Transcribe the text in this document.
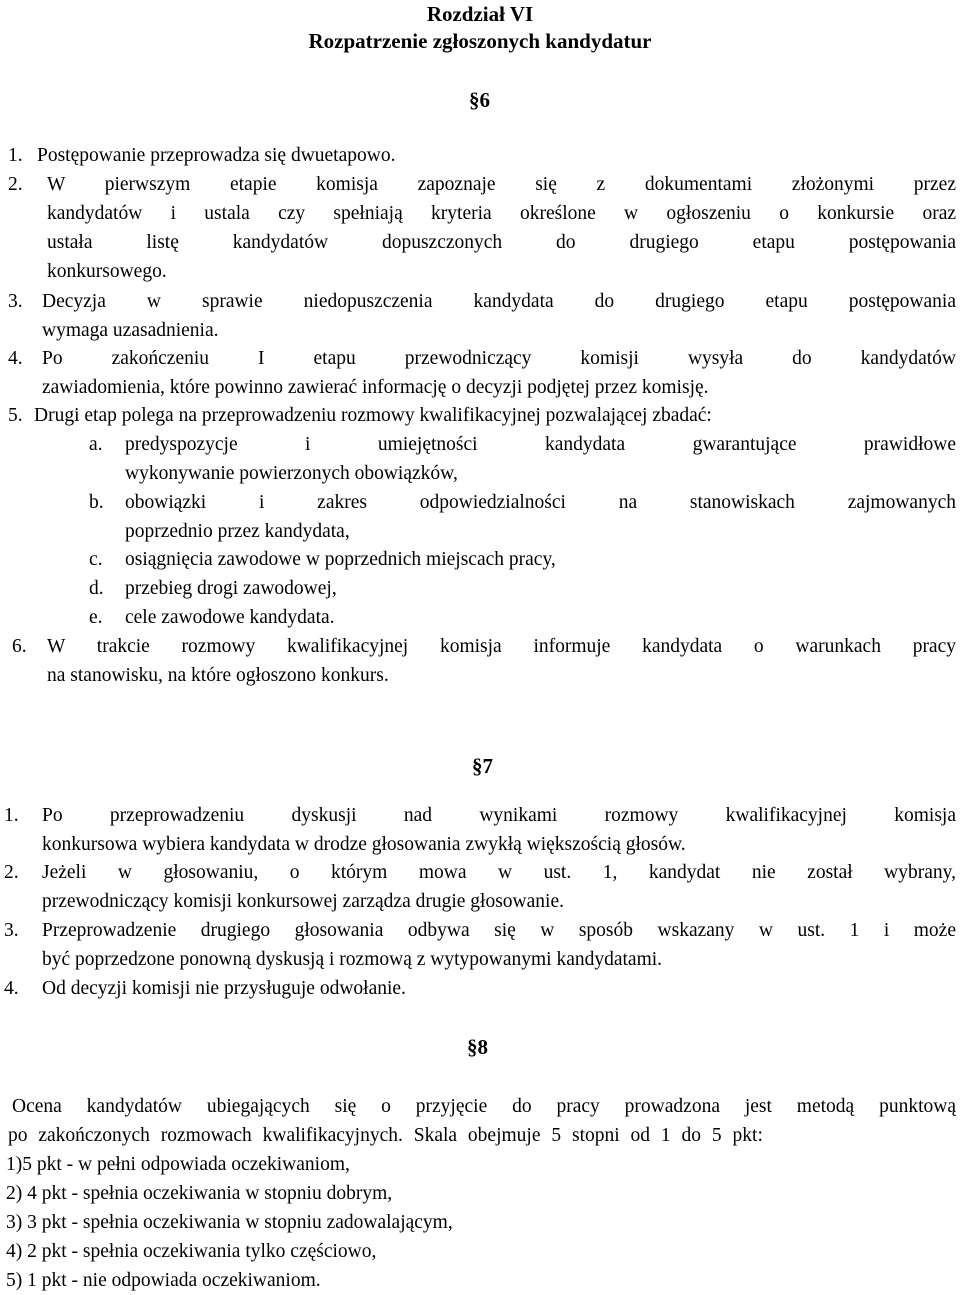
Rozdział VI
Rozpatrzenie zgłoszonych kandydatur
§6
1. Postępowanie przeprowadza się dwuetapowo.
2. W pierwszym etapie komisja zapoznaje się z dokumentami złożonymi przez
kandydatów i ustala czy spełniają kryteria określone w ogłoszeniu o konkursie oraz
ustała listę kandydatów dopuszczonych do drugiego etapu postępowania
konkursowego.
3. Decyzja w sprawie niedopuszczenia kandydata do drugiego etapu postępowania
wymaga uzasadnienia.
4. Po zakończeniu I etapu przewodniczący komisji wysyła do kandydatów
zawiadomienia, które powinno zawierać informację o decyzji podjętej przez komisję.
5. Drugi etap polega na przeprowadzeniu rozmowy kwalifikacyjnej pozwalającej zbadać:
a. predyspozycje i umiejętności kandydata gwarantujące prawidłowe
wykonywanie powierzonych obowiązków,
b. obowiązki i zakres odpowiedzialności na stanowiskach zajmowanych
poprzednio przez kandydata,
c. osiągnięcia zawodowe w poprzednich miejscach pracy,
d. przebieg drogi zawodowej,
e. cele zawodowe kandydata.
6. W trakcie rozmowy kwalifikacyjnej komisja informuje kandydata o warunkach pracy
na stanowisku, na które ogłoszono konkurs.
§7
1. Po przeprowadzeniu dyskusji nad wynikami rozmowy kwalifikacyjnej komisja
konkursowa wybiera kandydata w drodze głosowania zwykłą większością głosów.
2. Jeżeli w głosowaniu, o którym mowa w ust. 1, kandydat nie został wybrany,
przewodniczący komisji konkursowej zarządza drugie głosowanie.
3. Przeprowadzenie drugiego głosowania odbywa się w sposób wskazany w ust. 1 i może
być poprzedzone ponowną dyskusją i rozmową z wytypowanymi kandydatami.
4. Od decyzji komisji nie przysługuje odwołanie.
§8
Ocena kandydatów ubiegających się o przyjęcie do pracy prowadzona jest metodą punktową
po zakończonych rozmowach kwalifikacyjnych. Skala obejmuje 5 stopni od 1 do 5 pkt:
1)5 pkt - w pełni odpowiada oczekiwaniom,
2) 4 pkt - spełnia oczekiwania w stopniu dobrym,
3) 3 pkt - spełnia oczekiwania w stopniu zadowalającym,
4) 2 pkt - spełnia oczekiwania tylko częściowo,
5) 1 pkt - nie odpowiada oczekiwaniom.
